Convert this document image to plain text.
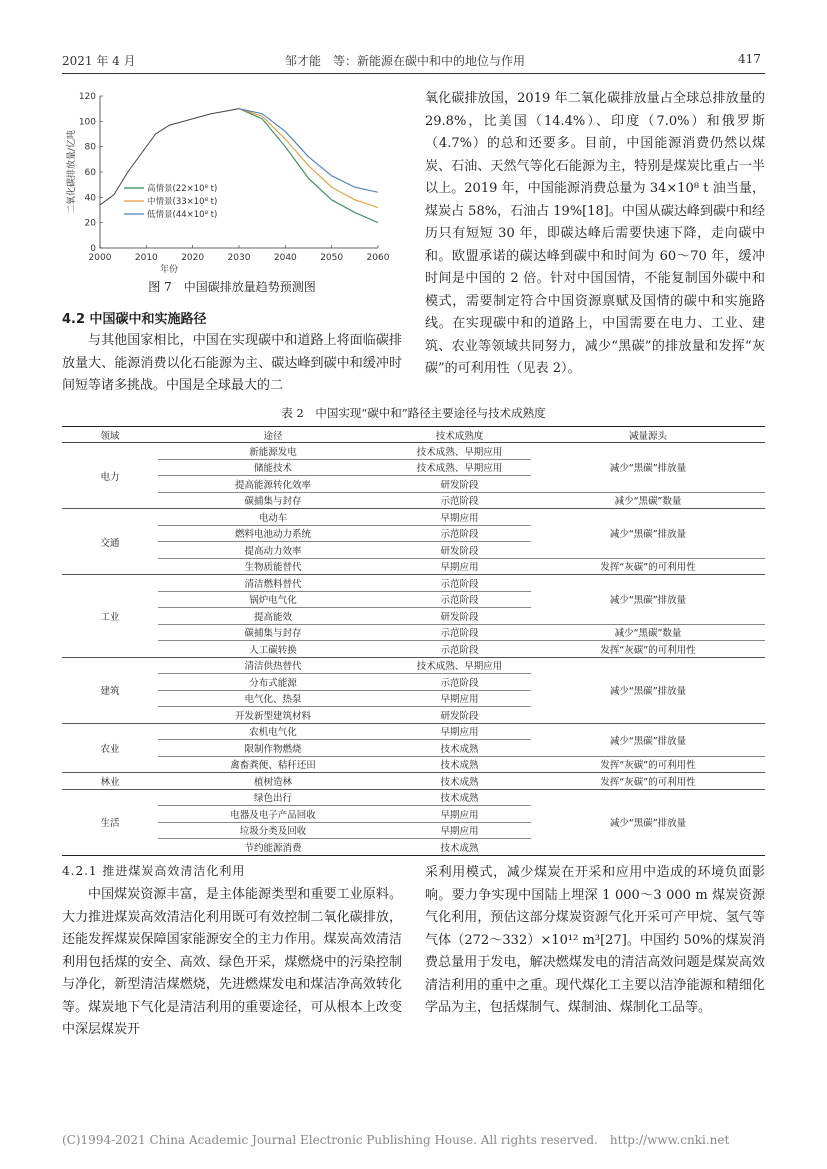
2021 年 4 月	邹才能　等：新能源在碳中和中的地位与作用	417
2000	2010	2020	2030	2040	2050	2060
0
20
40
60
80
100
120
年份
二氧化碳排放量/亿吨	高情景(22×10⁸ t)
中情景(33×10⁸ t)
低情景(44×10⁸ t)
图 7　中国碳排放量趋势预测图

氧化碳排放国，2019 年二氧化碳排放量占全球总排放量的 29.8%，比美国（14.4%）、印度（7.0%）和俄罗斯（4.7%）的总和还要多。目前，中国能源消费仍然以煤炭、石油、天然气等化石能源为主，特别是煤炭比重占一半以上。2019 年，中国能源消费总量为 34×10⁸ t 油当量，煤炭占 58%，石油占 19%[18]。中国从碳达峰到碳中和经历只有短短 30 年，即碳达峰后需要快速下降，走向碳中和。欧盟承诺的碳达峰到碳中和时间为 60～70 年，缓冲时间是中国的 2 倍。针对中国国情，不能复制国外碳中和模式，需要制定符合中国资源禀赋及国情的碳中和实施路线。在实现碳中和的道路上，中国需要在电力、工业、建筑、农业等领域共同努力，减少“黑碳”的排放量和发挥“灰碳”的可利用性（见表 2）。

4.2 中国碳中和实施路径

与其他国家相比，中国在实现碳中和道路上将面临碳排放量大、能源消费以化石能源为主、碳达峰到碳中和缓冲时间短等诸多挑战。中国是全球最大的二

表 2　中国实现“碳中和”路径主要途径与技术成熟度
领域	途径	技术成熟度	减量源头
电力	新能源发电	技术成熟、早期应用	减少“黑碳”排放量
	储能技术	技术成熟、早期应用	
	提高能源转化效率	研发阶段	
	碳捕集与封存	示范阶段	减少“黑碳”数量
交通	电动车	早期应用	减少“黑碳”排放量
	燃料电池动力系统	示范阶段	
	提高动力效率	研发阶段	
	生物质能替代	早期应用	发挥“灰碳”的可利用性
工业	清洁燃料替代	示范阶段	减少“黑碳”排放量
	锅炉电气化	示范阶段	
	提高能效	研发阶段	
	碳捕集与封存	示范阶段	减少“黑碳”数量
	人工碳转换	示范阶段	发挥“灰碳”的可利用性
建筑	清洁供热替代	技术成熟、早期应用	减少“黑碳”排放量
	分布式能源	示范阶段	
	电气化、热泵	早期应用	
	开发新型建筑材料	研发阶段	
农业	农机电气化	早期应用	减少“黑碳”排放量
	限制作物燃烧	技术成熟	
	禽畜粪便、秸秆还田	技术成熟	发挥“灰碳”的可利用性
林业	植树造林	技术成熟	发挥“灰碳”的可利用性
生活	绿色出行	技术成熟	减少“黑碳”排放量
	电器及电子产品回收	早期应用	
	垃圾分类及回收	早期应用	
	节约能源消费	技术成熟	
4.2.1 推进煤炭高效清洁化利用

中国煤炭资源丰富，是主体能源类型和重要工业原料。大力推进煤炭高效清洁化利用既可有效控制二氧化碳排放，还能发挥煤炭保障国家能源安全的主力作用。煤炭高效清洁利用包括煤的安全、高效、绿色开采，煤燃烧中的污染控制与净化，新型清洁煤燃烧，先进燃煤发电和煤洁净高效转化等。煤炭地下气化是清洁利用的重要途径，可从根本上改变中深层煤炭开

采利用模式，减少煤炭在开采和应用中造成的环境负面影响。要力争实现中国陆上埋深 1 000～3 000 m 煤炭资源气化利用，预估这部分煤炭资源气化开采可产甲烷、氢气等气体（272～332）×10¹² m³[27]。中国约 50%的煤炭消费总量用于发电，解决燃煤发电的清洁高效问题是煤炭高效清洁利用的重中之重。现代煤化工主要以洁净能源和精细化学品为主，包括煤制气、煤制油、煤制化工品等。

(C)1994-2021 China Academic Journal Electronic Publishing House. All rights reserved.　http://www.cnki.net
